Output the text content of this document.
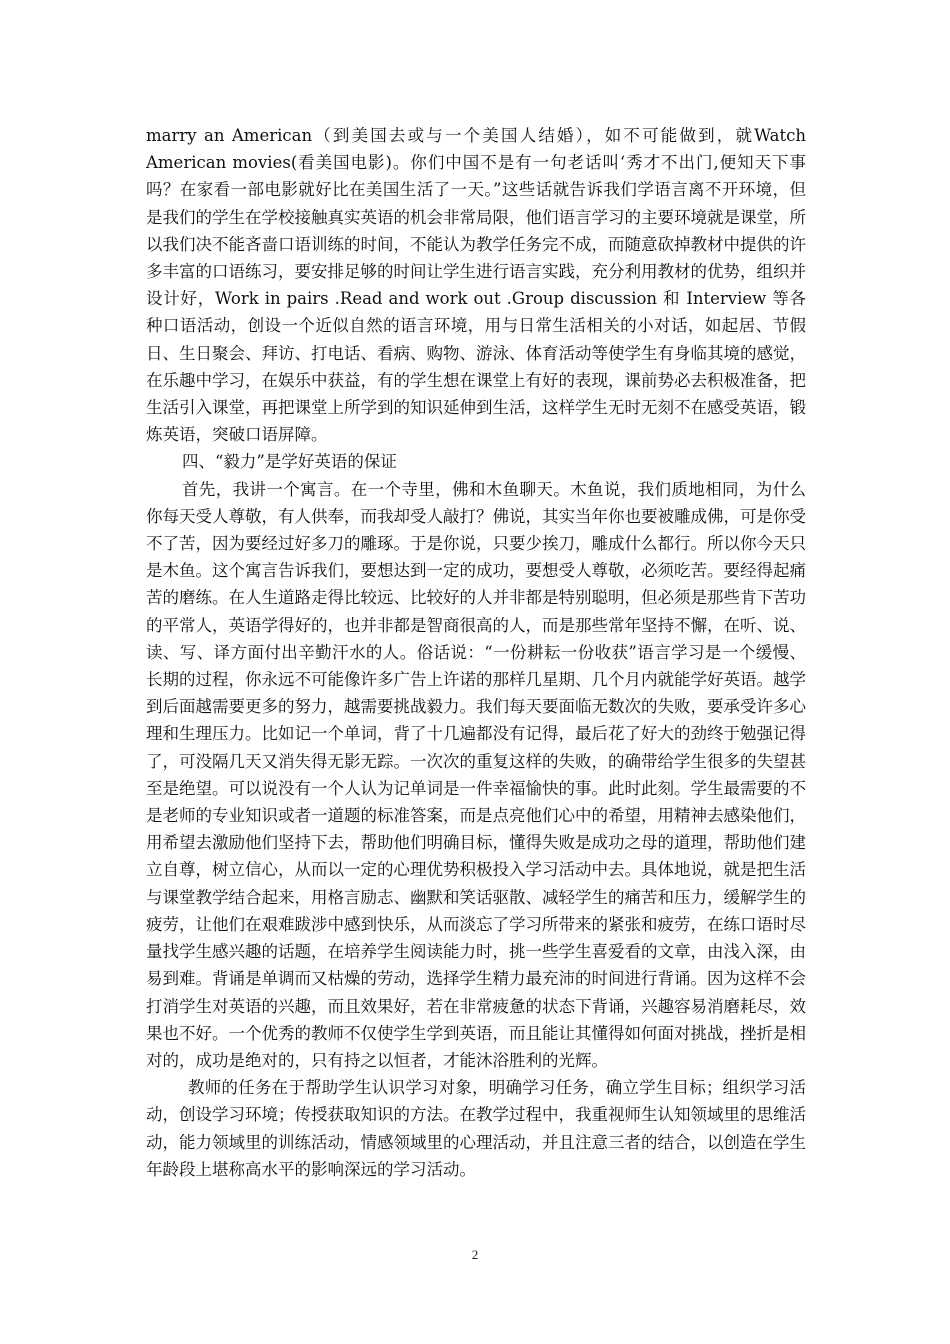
marry an American（到美国去或与一个美国人结婚），如不可能做到，就Watch American movies(看美国电影)。你们中国不是有一句老话叫‘秀才不出门,便知天下事吗？在家看一部电影就好比在美国生活了一天。”这些话就告诉我们学语言离不开环境，但是我们的学生在学校接触真实英语的机会非常局限，他们语言学习的主要环境就是课堂，所以我们决不能吝啬口语训练的时间，不能认为教学任务完不成，而随意砍掉教材中提供的许多丰富的口语练习，要安排足够的时间让学生进行语言实践，充分利用教材的优势，组织并设计好，Work in pairs .Read and work out .Group discussion 和 Interview 等各种口语活动，创设一个近似自然的语言环境，用与日常生活相关的小对话，如起居、节假日、生日聚会、拜访、打电话、看病、购物、游泳、体育活动等使学生有身临其境的感觉，在乐趣中学习，在娱乐中获益，有的学生想在课堂上有好的表现，课前势必去积极准备，把生活引入课堂，再把课堂上所学到的知识延伸到生活，这样学生无时无刻不在感受英语，锻炼英语，突破口语屏障。

四、“毅力”是学好英语的保证

首先，我讲一个寓言。在一个寺里，佛和木鱼聊天。木鱼说，我们质地相同，为什么你每天受人尊敬，有人供奉，而我却受人敲打？佛说，其实当年你也要被雕成佛，可是你受不了苦，因为要经过好多刀的雕琢。于是你说，只要少挨刀，雕成什么都行。所以你今天只是木鱼。这个寓言告诉我们，要想达到一定的成功，要想受人尊敬，必须吃苦。要经得起痛苦的磨练。在人生道路走得比较远、比较好的人并非都是特别聪明，但必须是那些肯下苦功的平常人，英语学得好的，也并非都是智商很高的人，而是那些常年坚持不懈，在听、说、读、写、译方面付出辛勤汗水的人。俗话说：“一份耕耘一份收获”语言学习是一个缓慢、长期的过程，你永远不可能像许多广告上许诺的那样几星期、几个月内就能学好英语。越学到后面越需要更多的努力，越需要挑战毅力。我们每天要面临无数次的失败，要承受许多心理和生理压力。比如记一个单词，背了十几遍都没有记得，最后花了好大的劲终于勉强记得了，可没隔几天又消失得无影无踪。一次次的重复这样的失败，的确带给学生很多的失望甚至是绝望。可以说没有一个人认为记单词是一件幸福愉快的事。此时此刻。学生最需要的不是老师的专业知识或者一道题的标准答案，而是点亮他们心中的希望，用精神去感染他们，用希望去激励他们坚持下去，帮助他们明确目标，懂得失败是成功之母的道理，帮助他们建立自尊，树立信心，从而以一定的心理优势积极投入学习活动中去。具体地说，就是把生活与课堂教学结合起来，用格言励志、幽默和笑话驱散、减轻学生的痛苦和压力，缓解学生的疲劳，让他们在艰难跋涉中感到快乐，从而淡忘了学习所带来的紧张和疲劳，在练口语时尽量找学生感兴趣的话题，在培养学生阅读能力时，挑一些学生喜爱看的文章，由浅入深，由易到难。背诵是单调而又枯燥的劳动，选择学生精力最充沛的时间进行背诵。因为这样不会打消学生对英语的兴趣，而且效果好，若在非常疲惫的状态下背诵，兴趣容易消磨耗尽，效果也不好。一个优秀的教师不仅使学生学到英语，而且能让其懂得如何面对挑战，挫折是相对的，成功是绝对的，只有持之以恒者，才能沐浴胜利的光辉。

教师的任务在于帮助学生认识学习对象，明确学习任务，确立学生目标；组织学习活动，创设学习环境；传授获取知识的方法。在教学过程中，我重视师生认知领域里的思维活动，能力领域里的训练活动，情感领域里的心理活动，并且注意三者的结合，以创造在学生年龄段上堪称高水平的影响深远的学习活动。

2
